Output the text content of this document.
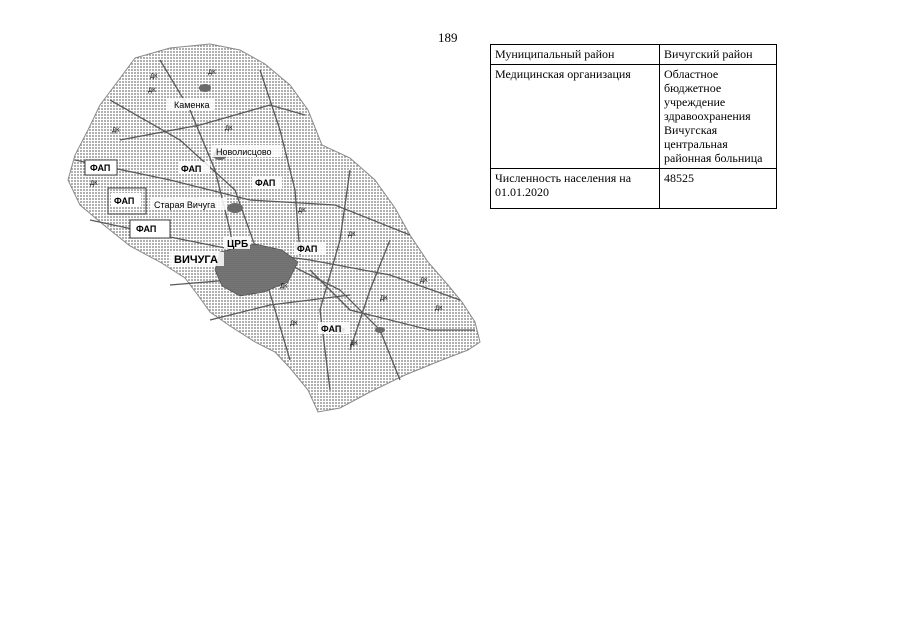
189
Муниципальный район	Вичугский район
Медицинская организация	Областное бюджетное учреждение здравоохранения Вичугская центральная районная больница
Численность населения на 01.01.2020	48525
Каменка
Новолисцово
Старая Вичуга
ВИЧУГА
ЦРБ
ФАП
ФАП
ФАП
ФАП
ФАП
ФАП
ФАП
ДК
ДК
ДК
ДК
ДК
ДК
ДК
ДК
ДК
ДК
ДК
ДК
ДК
ДК
